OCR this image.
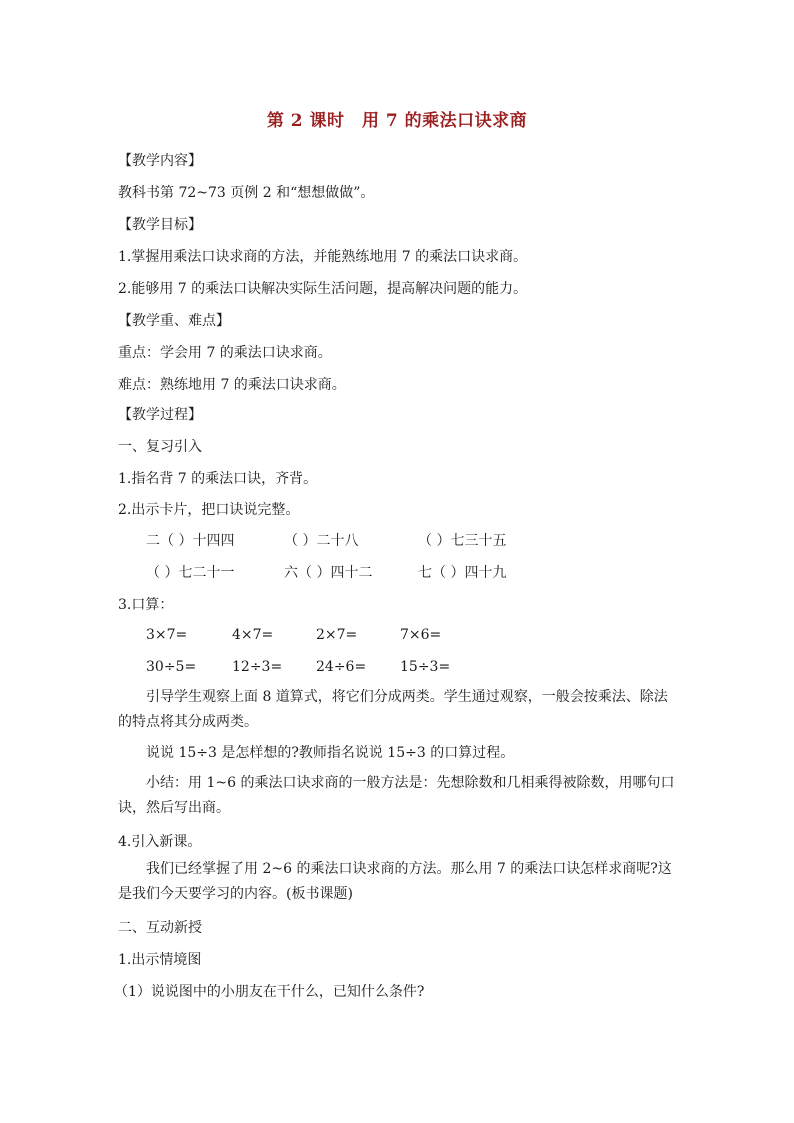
第 2 课时　用 7 的乘法口诀求商
【教学内容】
教科书第 72~73 页例 2 和“想想做做”。
【教学目标】
1.掌握用乘法口诀求商的方法，并能熟练地用 7 的乘法口诀求商。
2.能够用 7 的乘法口诀解决实际生活问题，提高解决问题的能力。
【教学重、难点】
重点：学会用 7 的乘法口诀求商。
难点：熟练地用 7 的乘法口诀求商。
【教学过程】
一、复习引入
1.指名背 7 的乘法口诀，齐背。
2.出示卡片，把口诀说完整。
二（ ）十四四	（ ）二十八	（ ）七三十五
（ ）七二十一	六（ ）四十二	七（ ）四十九
3.口算：
3×7=	4×7=	2×7=	7×6=
30÷5=	12÷3= 24÷6= 15÷3=
引导学生观察上面 8 道算式，将它们分成两类。学生通过观察，一般会按乘法、除法的特点将其分成两类。
说说 15÷3 是怎样想的?教师指名说说 15÷3 的口算过程。
小结：用 1~6 的乘法口诀求商的一般方法是：先想除数和几相乘得被除数，用哪句口诀，然后写出商。
4.引入新课。
我们已经掌握了用 2~6 的乘法口诀求商的方法。那么用 7 的乘法口诀怎样求商呢?这是我们今天要学习的内容。(板书课题)
二、互动新授
1.出示情境图
（1）说说图中的小朋友在干什么，已知什么条件?
